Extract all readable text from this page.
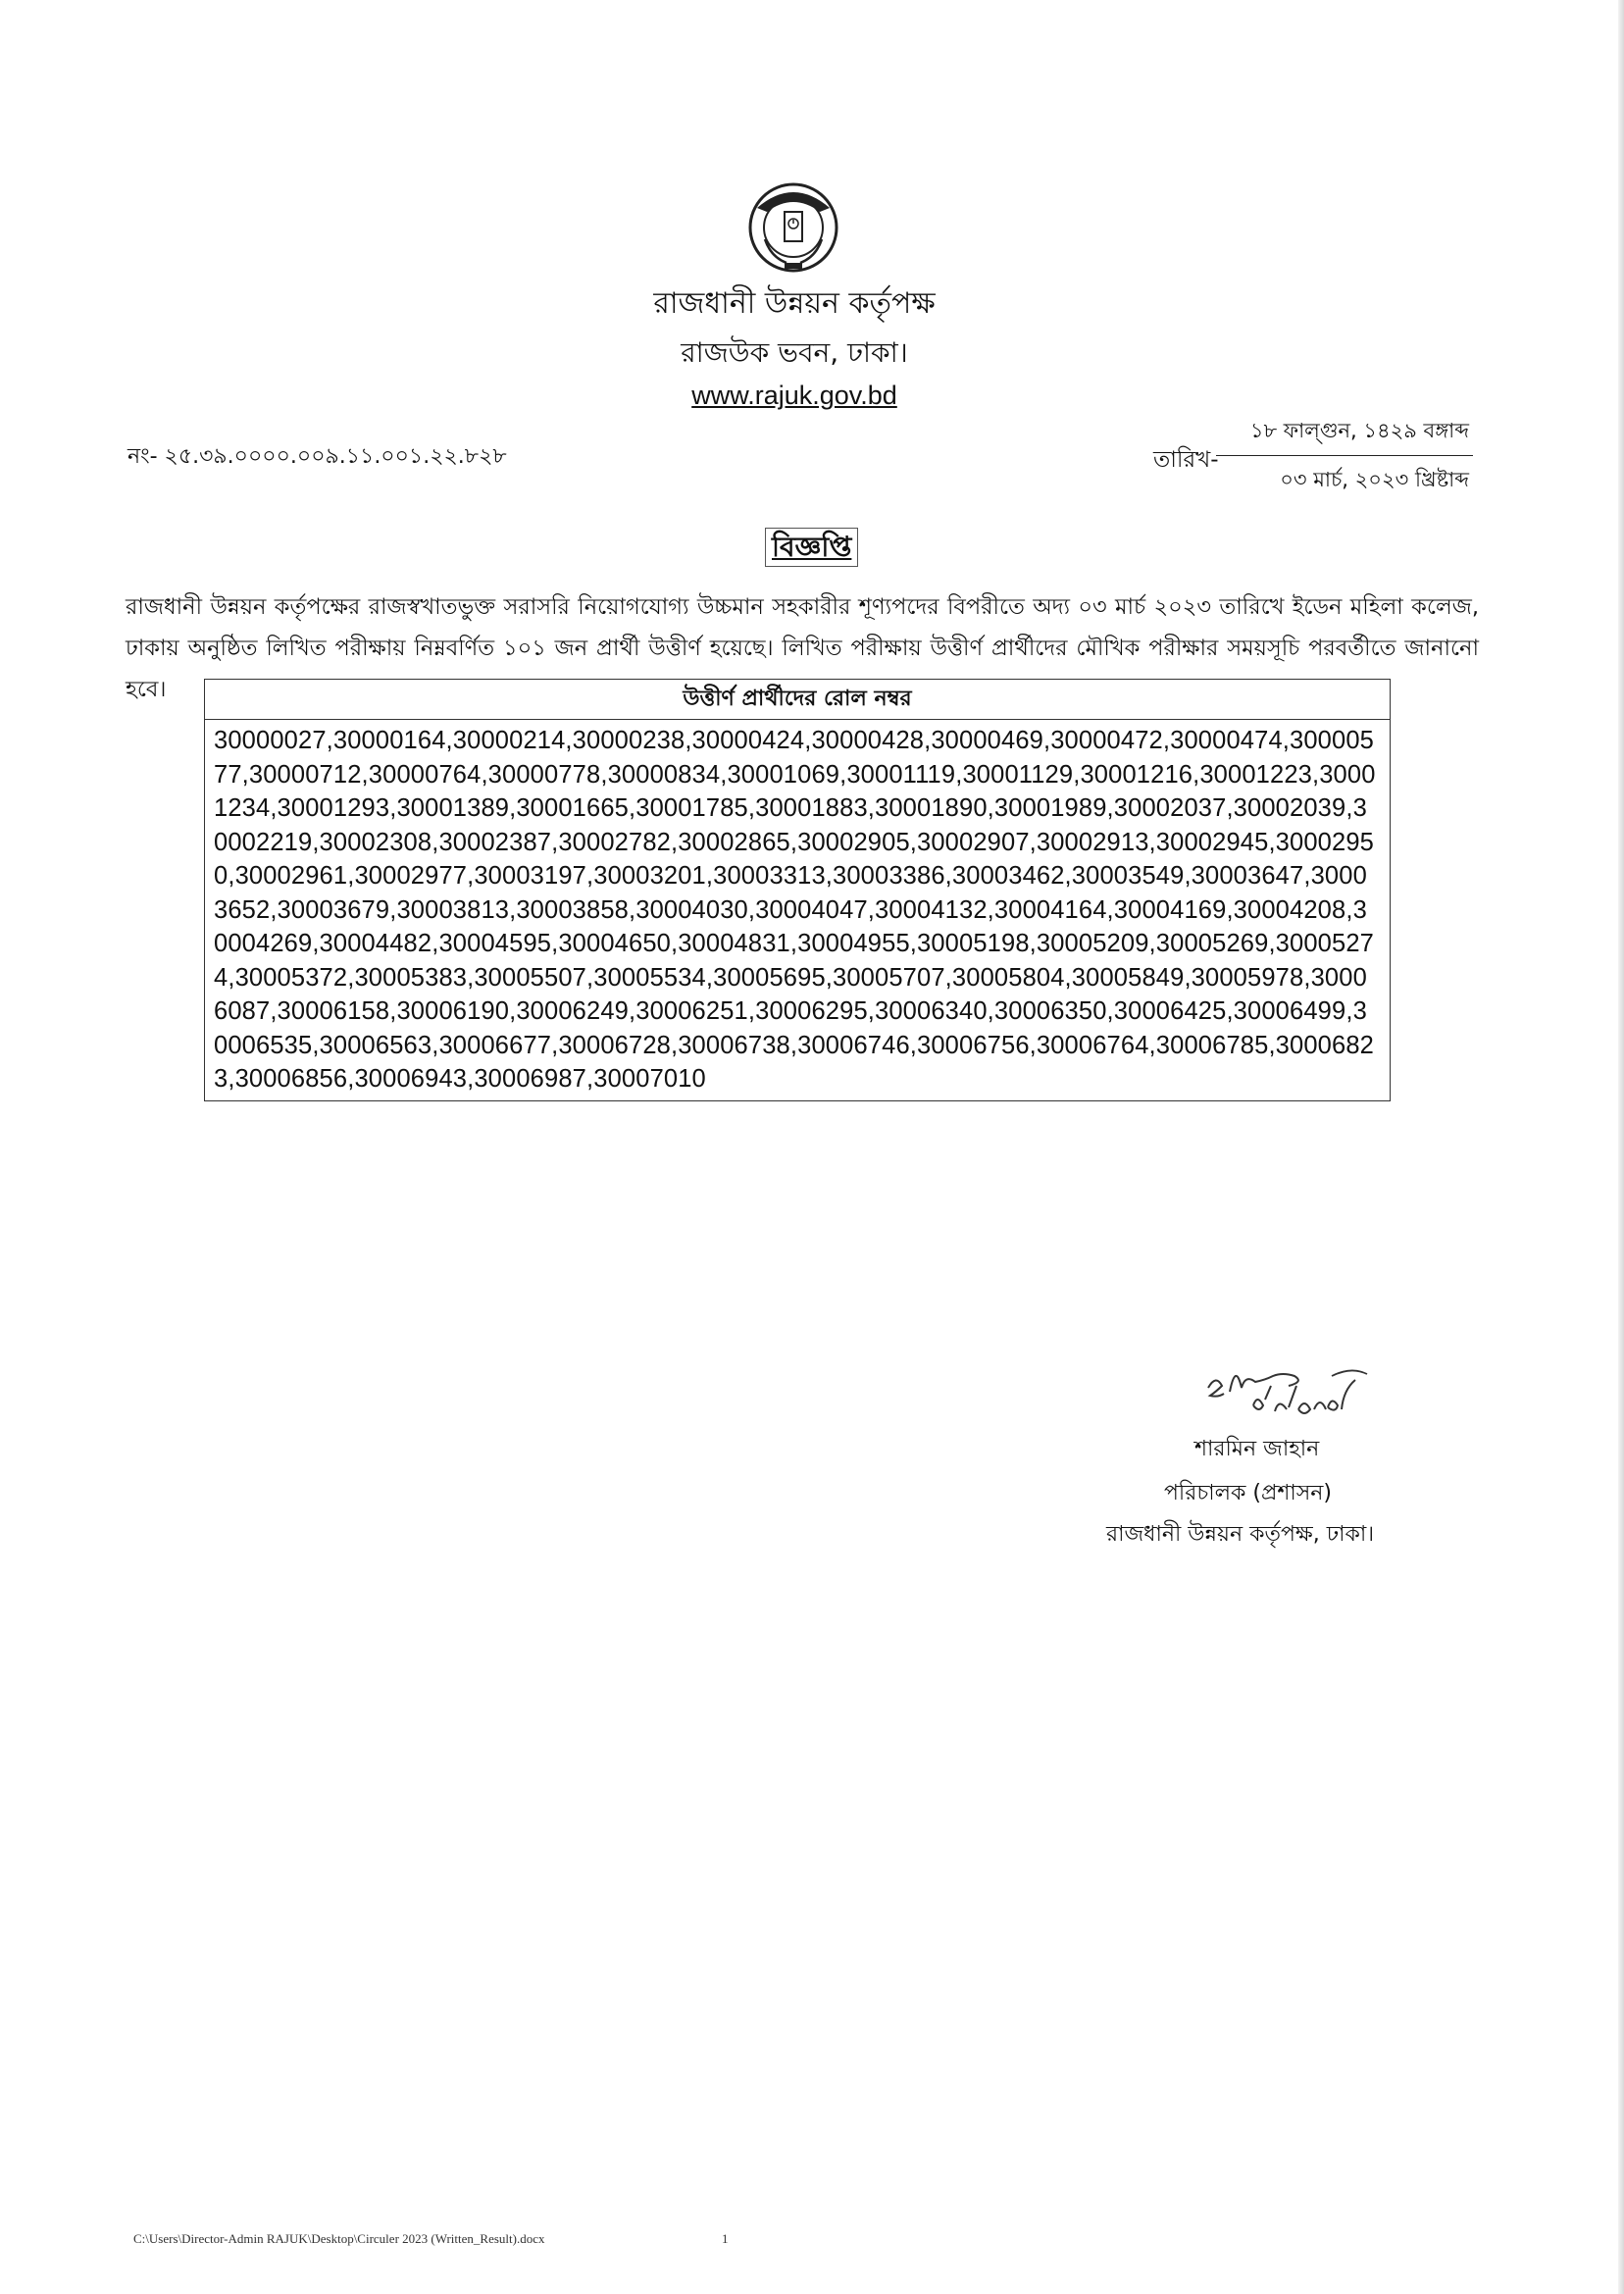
রাজধানী উন্নয়ন কর্তৃপক্ষ
রাজউক ভবন, ঢাকা।
www.rajuk.gov.bd
নং- ২৫.৩৯.০০০০.০০৯.১১.০০১.২২.৮২৮	তারিখ-
১৮ ফাল্গুন, ১৪২৯ বঙ্গাব্দ
০৩ মার্চ, ২০২৩ খ্রিষ্টাব্দ
বিজ্ঞপ্তি
রাজধানী উন্নয়ন কর্তৃপক্ষের রাজস্বখাতভুক্ত সরাসরি নিয়োগযোগ্য উচ্চমান সহকারীর শূণ্যপদের বিপরীতে অদ্য ০৩ মার্চ ২০২৩ তারিখে ইডেন মহিলা কলেজ, ঢাকায় অনুষ্ঠিত লিখিত পরীক্ষায় নিম্নবর্ণিত ১০১ জন প্রার্থী উত্তীর্ণ হয়েছে। লিখিত পরীক্ষায় উত্তীর্ণ প্রার্থীদের মৌখিক পরীক্ষার সময়সূচি পরবর্তীতে জানানো হবে।	উত্তীর্ণ প্রার্থীদের রোল নম্বর
30000027,30000164,30000214,30000238,30000424,30000428,30000469,30000472,30000474,30000577,30000712,30000764,30000778,30000834,30001069,30001119,30001129,30001216,30001223,30001234,30001293,30001389,30001665,30001785,30001883,30001890,30001989,30002037,30002039,30002219,30002308,30002387,30002782,30002865,30002905,30002907,30002913,30002945,30002950,30002961,30002977,30003197,30003201,30003313,30003386,30003462,30003549,30003647,30003652,30003679,30003813,30003858,30004030,30004047,30004132,30004164,30004169,30004208,30004269,30004482,30004595,30004650,30004831,30004955,30005198,30005209,30005269,30005274,30005372,30005383,30005507,30005534,30005695,30005707,30005804,30005849,30005978,30006087,30006158,30006190,30006249,30006251,30006295,30006340,30006350,30006425,30006499,30006535,30006563,30006677,30006728,30006738,30006746,30006756,30006764,30006785,30006823,30006856,30006943,30006987,30007010
শারমিন জাহান
পরিচালক (প্রশাসন)
রাজধানী উন্নয়ন কর্তৃপক্ষ, ঢাকা।
C:\Users\Director-Admin RAJUK\Desktop\Circuler 2023 (Written_Result).docx	1
